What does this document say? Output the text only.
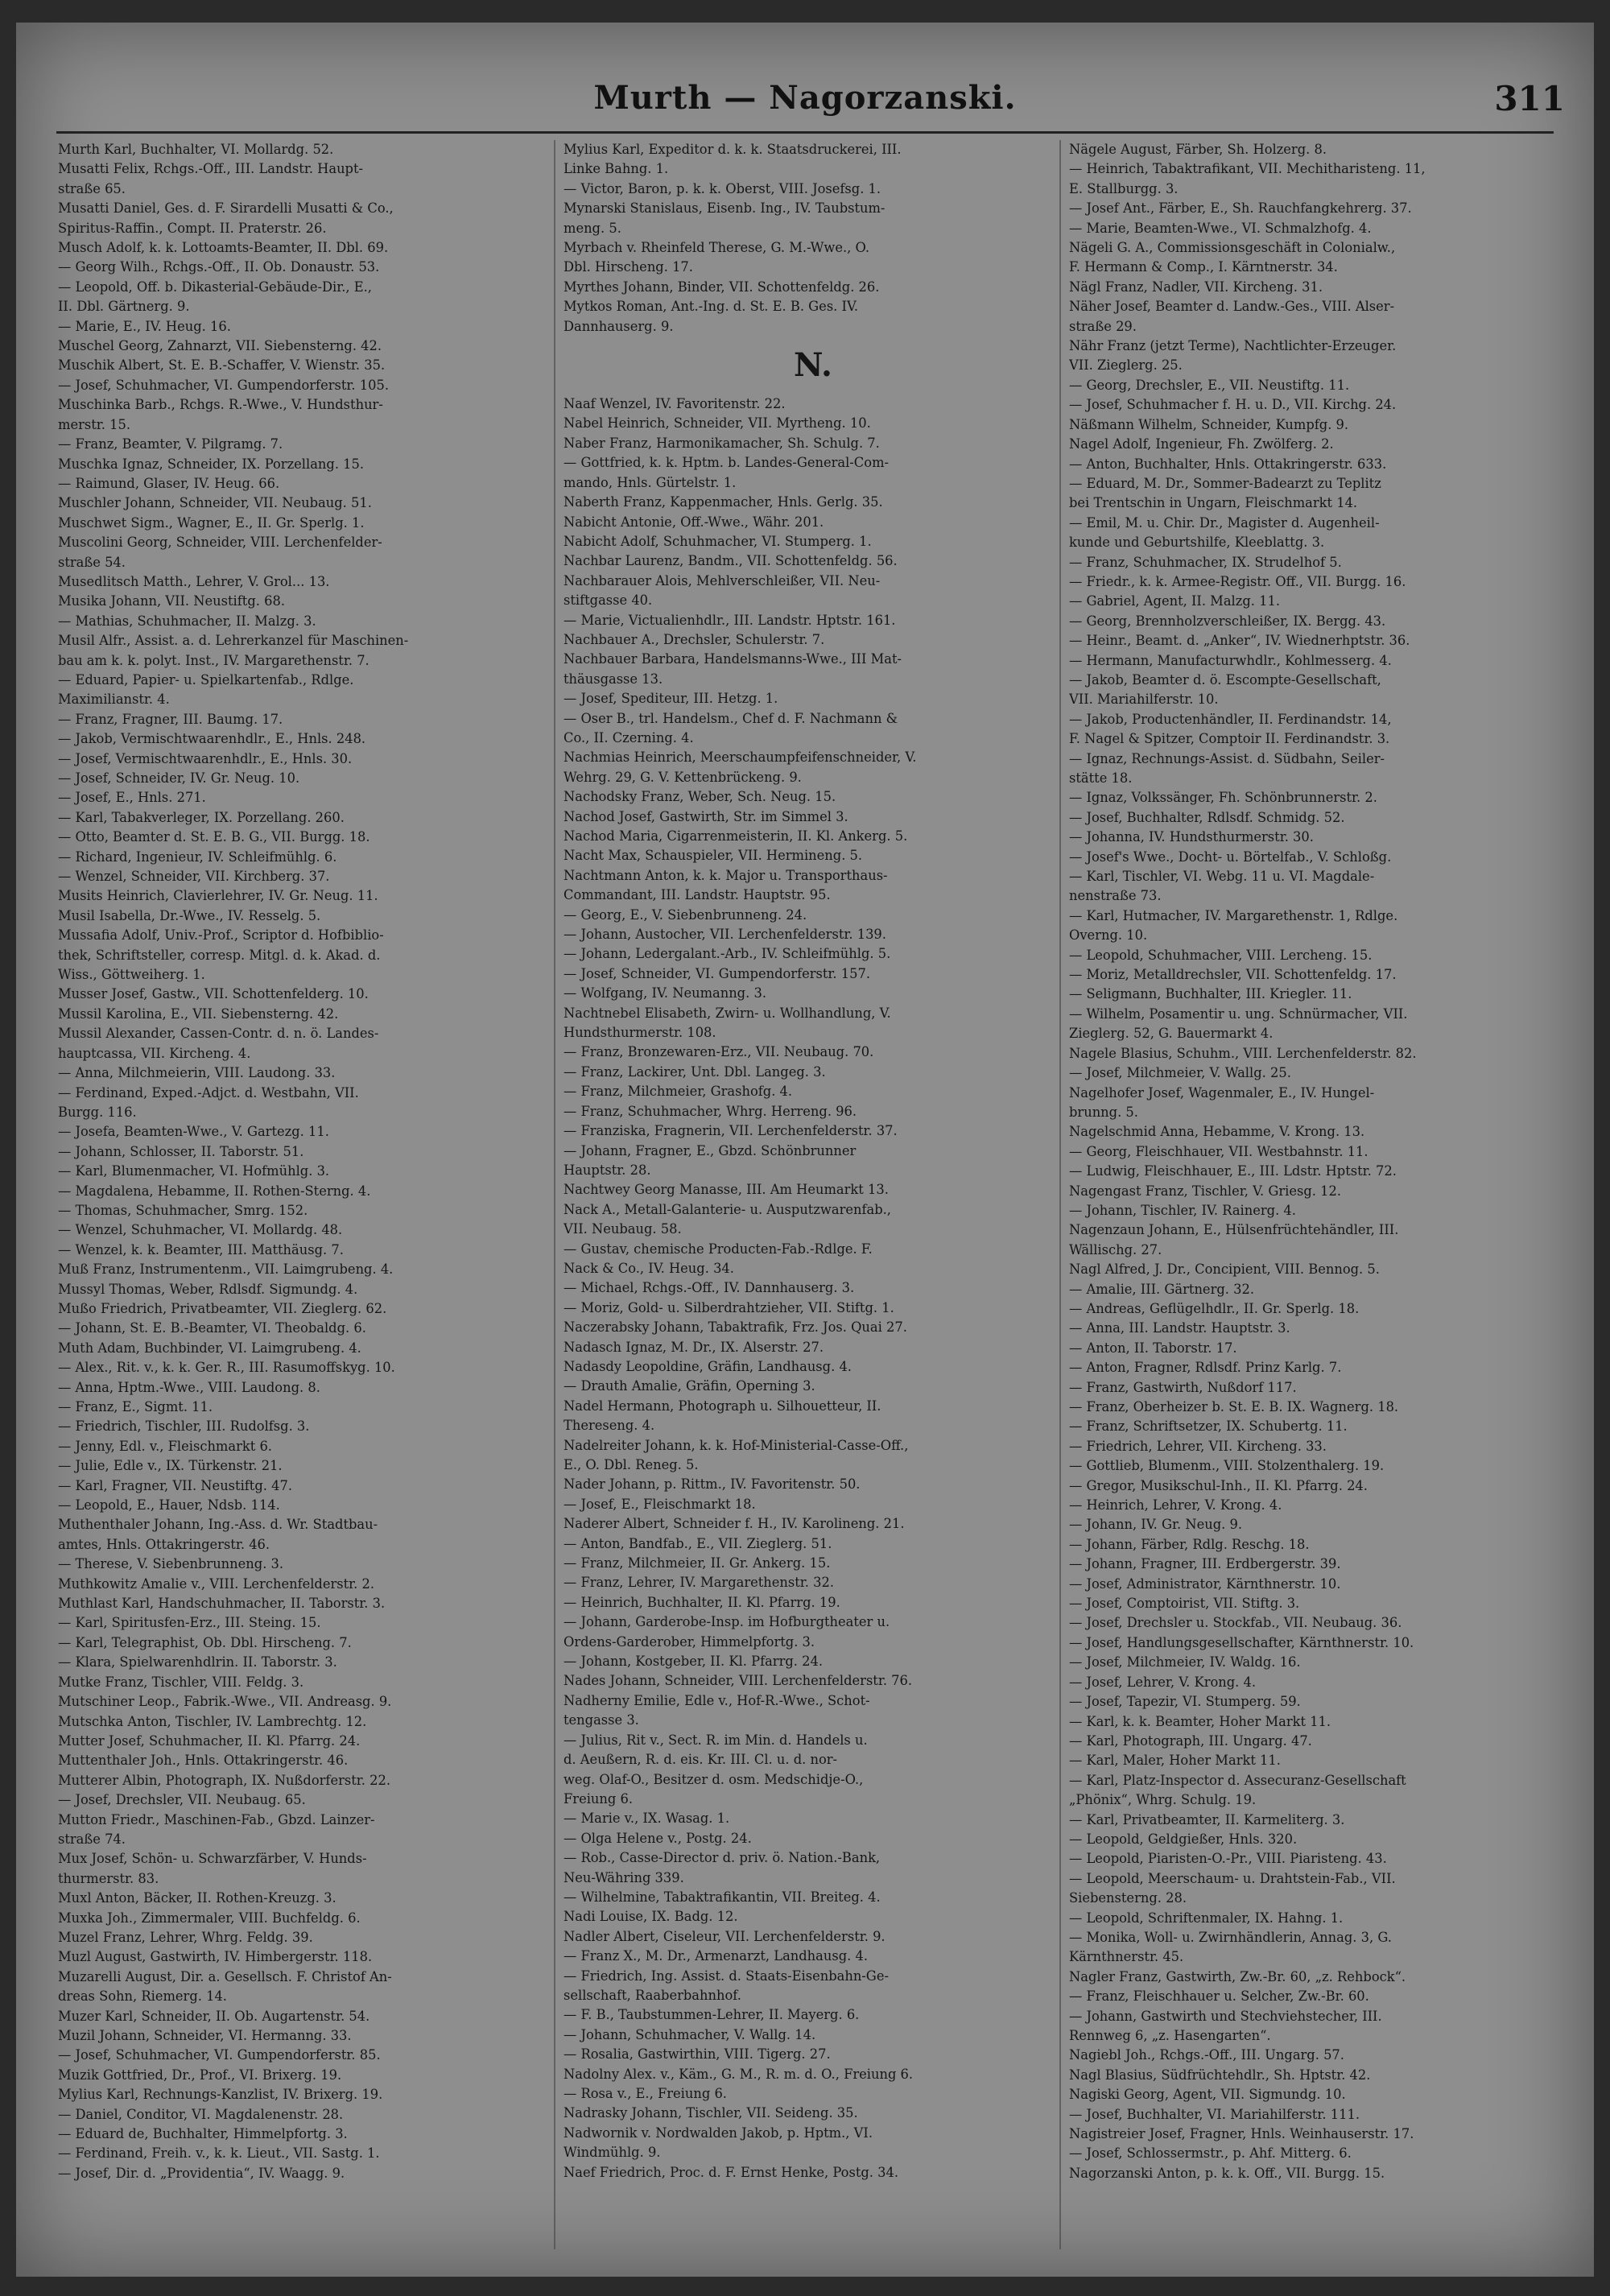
Murth — Nagorzanski.	311
Murth Karl, Buchhalter, VI. Mollardg. 52.
Musatti Felix, Rchgs.-Off., III. Landstr. Haupt-
straße 65.
Musatti Daniel, Ges. d. F. Sirardelli Musatti & Co.,
Spiritus-Raffin., Compt. II. Praterstr. 26.
Musch Adolf, k. k. Lottoamts-Beamter, II. Dbl. 69.
— Georg Wilh., Rchgs.-Off., II. Ob. Donaustr. 53.
— Leopold, Off. b. Dikasterial-Gebäude-Dir., E.,
II. Dbl. Gärtnerg. 9.
— Marie, E., IV. Heug. 16.
Muschel Georg, Zahnarzt, VII. Siebensterng. 42.
Muschik Albert, St. E. B.-Schaffer, V. Wienstr. 35.
— Josef, Schuhmacher, VI. Gumpendorferstr. 105.
Muschinka Barb., Rchgs. R.-Wwe., V. Hundsthur-
merstr. 15.
— Franz, Beamter, V. Pilgramg. 7.
Muschka Ignaz, Schneider, IX. Porzellang. 15.
— Raimund, Glaser, IV. Heug. 66.
Muschler Johann, Schneider, VII. Neubaug. 51.
Muschwet Sigm., Wagner, E., II. Gr. Sperlg. 1.
Muscolini Georg, Schneider, VIII. Lerchenfelder-
straße 54.
Musedlitsch Matth., Lehrer, V. Grol... 13.
Musika Johann, VII. Neustiftg. 68.
— Mathias, Schuhmacher, II. Malzg. 3.
Musil Alfr., Assist. a. d. Lehrerkanzel für Maschinen-
bau am k. k. polyt. Inst., IV. Margarethenstr. 7.
— Eduard, Papier- u. Spielkartenfab., Rdlge.
Maximilianstr. 4.
— Franz, Fragner, III. Baumg. 17.
— Jakob, Vermischtwaarenhdlr., E., Hnls. 248.
— Josef, Vermischtwaarenhdlr., E., Hnls. 30.
— Josef, Schneider, IV. Gr. Neug. 10.
— Josef, E., Hnls. 271.
— Karl, Tabakverleger, IX. Porzellang. 260.
— Otto, Beamter d. St. E. B. G., VII. Burgg. 18.
— Richard, Ingenieur, IV. Schleifmühlg. 6.
— Wenzel, Schneider, VII. Kirchberg. 37.
Musits Heinrich, Clavierlehrer, IV. Gr. Neug. 11.
Musil Isabella, Dr.-Wwe., IV. Resselg. 5.
Mussafia Adolf, Univ.-Prof., Scriptor d. Hofbiblio-
thek, Schriftsteller, corresp. Mitgl. d. k. Akad. d.
Wiss., Göttweiherg. 1.
Musser Josef, Gastw., VII. Schottenfelderg. 10.
Mussil Karolina, E., VII. Siebensterng. 42.
Mussil Alexander, Cassen-Contr. d. n. ö. Landes-
hauptcassa, VII. Kircheng. 4.
— Anna, Milchmeierin, VIII. Laudong. 33.
— Ferdinand, Exped.-Adjct. d. Westbahn, VII.
Burgg. 116.
— Josefa, Beamten-Wwe., V. Gartezg. 11.
— Johann, Schlosser, II. Taborstr. 51.
— Karl, Blumenmacher, VI. Hofmühlg. 3.
— Magdalena, Hebamme, II. Rothen-Sterng. 4.
— Thomas, Schuhmacher, Smrg. 152.
— Wenzel, Schuhmacher, VI. Mollardg. 48.
— Wenzel, k. k. Beamter, III. Matthäusg. 7.
Muß Franz, Instrumentenm., VII. Laimgrubeng. 4.
Mussyl Thomas, Weber, Rdlsdf. Sigmundg. 4.
Mußo Friedrich, Privatbeamter, VII. Zieglerg. 62.
— Johann, St. E. B.-Beamter, VI. Theobaldg. 6.
Muth Adam, Buchbinder, VI. Laimgrubeng. 4.
— Alex., Rit. v., k. k. Ger. R., III. Rasumoffskyg. 10.
— Anna, Hptm.-Wwe., VIII. Laudong. 8.
— Franz, E., Sigmt. 11.
— Friedrich, Tischler, III. Rudolfsg. 3.
— Jenny, Edl. v., Fleischmarkt 6.
— Julie, Edle v., IX. Türkenstr. 21.
— Karl, Fragner, VII. Neustiftg. 47.
— Leopold, E., Hauer, Ndsb. 114.
Muthenthaler Johann, Ing.-Ass. d. Wr. Stadtbau-
amtes, Hnls. Ottakringerstr. 46.
— Therese, V. Siebenbrunneng. 3.
Muthkowitz Amalie v., VIII. Lerchenfelderstr. 2.
Muthlast Karl, Handschuhmacher, II. Taborstr. 3.
— Karl, Spiritusfen-Erz., III. Steing. 15.
— Karl, Telegraphist, Ob. Dbl. Hirscheng. 7.
— Klara, Spielwarenhdlrin. II. Taborstr. 3.
Mutke Franz, Tischler, VIII. Feldg. 3.
Mutschiner Leop., Fabrik.-Wwe., VII. Andreasg. 9.
Mutschka Anton, Tischler, IV. Lambrechtg. 12.
Mutter Josef, Schuhmacher, II. Kl. Pfarrg. 24.
Muttenthaler Joh., Hnls. Ottakringerstr. 46.
Mutterer Albin, Photograph, IX. Nußdorferstr. 22.
— Josef, Drechsler, VII. Neubaug. 65.
Mutton Friedr., Maschinen-Fab., Gbzd. Lainzer-
straße 74.
Mux Josef, Schön- u. Schwarzfärber, V. Hunds-
thurmerstr. 83.
Muxl Anton, Bäcker, II. Rothen-Kreuzg. 3.
Muxka Joh., Zimmermaler, VIII. Buchfeldg. 6.
Muzel Franz, Lehrer, Whrg. Feldg. 39.
Muzl August, Gastwirth, IV. Himbergerstr. 118.
Muzarelli August, Dir. a. Gesellsch. F. Christof An-
dreas Sohn, Riemerg. 14.
Muzer Karl, Schneider, II. Ob. Augartenstr. 54.
Muzil Johann, Schneider, VI. Hermanng. 33.
— Josef, Schuhmacher, VI. Gumpendorferstr. 85.
Muzik Gottfried, Dr., Prof., VI. Brixerg. 19.
Mylius Karl, Rechnungs-Kanzlist, IV. Brixerg. 19.
— Daniel, Conditor, VI. Magdalenenstr. 28.
— Eduard de, Buchhalter, Himmelpfortg. 3.
— Ferdinand, Freih. v., k. k. Lieut., VII. Sastg. 1.
— Josef, Dir. d. „Providentia“, IV. Waagg. 9.
Mylius Karl, Expeditor d. k. k. Staatsdruckerei, III.
Linke Bahng. 1.
— Victor, Baron, p. k. k. Oberst, VIII. Josefsg. 1.
Mynarski Stanislaus, Eisenb. Ing., IV. Taubstum-
meng. 5.
Myrbach v. Rheinfeld Therese, G. M.-Wwe., O.
Dbl. Hirscheng. 17.
Myrthes Johann, Binder, VII. Schottenfeldg. 26.
Mytkos Roman, Ant.-Ing. d. St. E. B. Ges. IV.
Dannhauserg. 9.
N.
Naaf Wenzel, IV. Favoritenstr. 22.
Nabel Heinrich, Schneider, VII. Myrtheng. 10.
Naber Franz, Harmonikamacher, Sh. Schulg. 7.
— Gottfried, k. k. Hptm. b. Landes-General-Com-
mando, Hnls. Gürtelstr. 1.
Naberth Franz, Kappenmacher, Hnls. Gerlg. 35.
Nabicht Antonie, Off.-Wwe., Währ. 201.
Nabicht Adolf, Schuhmacher, VI. Stumperg. 1.
Nachbar Laurenz, Bandm., VII. Schottenfeldg. 56.
Nachbarauer Alois, Mehlverschleißer, VII. Neu-
stiftgasse 40.
— Marie, Victualienhdlr., III. Landstr. Hptstr. 161.
Nachbauer A., Drechsler, Schulerstr. 7.
Nachbauer Barbara, Handelsmanns-Wwe., III Mat-
thäusgasse 13.
— Josef, Spediteur, III. Hetzg. 1.
— Oser B., trl. Handelsm., Chef d. F. Nachmann &
Co., II. Czerning. 4.
Nachmias Heinrich, Meerschaumpfeifenschneider, V.
Wehrg. 29, G. V. Kettenbrückeng. 9.
Nachodsky Franz, Weber, Sch. Neug. 15.
Nachod Josef, Gastwirth, Str. im Simmel 3.
Nachod Maria, Cigarrenmeisterin, II. Kl. Ankerg. 5.
Nacht Max, Schauspieler, VII. Hermineng. 5.
Nachtmann Anton, k. k. Major u. Transporthaus-
Commandant, III. Landstr. Hauptstr. 95.
— Georg, E., V. Siebenbrunneng. 24.
— Johann, Austocher, VII. Lerchenfelderstr. 139.
— Johann, Ledergalant.-Arb., IV. Schleifmühlg. 5.
— Josef, Schneider, VI. Gumpendorferstr. 157.
— Wolfgang, IV. Neumanng. 3.
Nachtnebel Elisabeth, Zwirn- u. Wollhandlung, V.
Hundsthurmerstr. 108.
— Franz, Bronzewaren-Erz., VII. Neubaug. 70.
— Franz, Lackirer, Unt. Dbl. Langeg. 3.
— Franz, Milchmeier, Grashofg. 4.
— Franz, Schuhmacher, Whrg. Herreng. 96.
— Franziska, Fragnerin, VII. Lerchenfelderstr. 37.
— Johann, Fragner, E., Gbzd. Schönbrunner
Hauptstr. 28.
Nachtwey Georg Manasse, III. Am Heumarkt 13.
Nack A., Metall-Galanterie- u. Ausputzwarenfab.,
VII. Neubaug. 58.
— Gustav, chemische Producten-Fab.-Rdlge. F.
Nack & Co., IV. Heug. 34.
— Michael, Rchgs.-Off., IV. Dannhauserg. 3.
— Moriz, Gold- u. Silberdrahtzieher, VII. Stiftg. 1.
Naczerabsky Johann, Tabaktrafik, Frz. Jos. Quai 27.
Nadasch Ignaz, M. Dr., IX. Alserstr. 27.
Nadasdy Leopoldine, Gräfin, Landhausg. 4.
— Drauth Amalie, Gräfin, Operning 3.
Nadel Hermann, Photograph u. Silhouetteur, II.
Thereseng. 4.
Nadelreiter Johann, k. k. Hof-Ministerial-Casse-Off.,
E., O. Dbl. Reneg. 5.
Nader Johann, p. Rittm., IV. Favoritenstr. 50.
— Josef, E., Fleischmarkt 18.
Naderer Albert, Schneider f. H., IV. Karolineng. 21.
— Anton, Bandfab., E., VII. Zieglerg. 51.
— Franz, Milchmeier, II. Gr. Ankerg. 15.
— Franz, Lehrer, IV. Margarethenstr. 32.
— Heinrich, Buchhalter, II. Kl. Pfarrg. 19.
— Johann, Garderobe-Insp. im Hofburgtheater u.
Ordens-Garderober, Himmelpfortg. 3.
— Johann, Kostgeber, II. Kl. Pfarrg. 24.
Nades Johann, Schneider, VIII. Lerchenfelderstr. 76.
Nadherny Emilie, Edle v., Hof-R.-Wwe., Schot-
tengasse 3.
— Julius, Rit v., Sect. R. im Min. d. Handels u.
d. Aeußern, R. d. eis. Kr. III. Cl. u. d. nor-
weg. Olaf-O., Besitzer d. osm. Medschidje-O.,
Freiung 6.
— Marie v., IX. Wasag. 1.
— Olga Helene v., Postg. 24.
— Rob., Casse-Director d. priv. ö. Nation.-Bank,
Neu-Währing 339.
— Wilhelmine, Tabaktrafikantin, VII. Breiteg. 4.
Nadi Louise, IX. Badg. 12.
Nadler Albert, Ciseleur, VII. Lerchenfelderstr. 9.
— Franz X., M. Dr., Armenarzt, Landhausg. 4.
— Friedrich, Ing. Assist. d. Staats-Eisenbahn-Ge-
sellschaft, Raaberbahnhof.
— F. B., Taubstummen-Lehrer, II. Mayerg. 6.
— Johann, Schuhmacher, V. Wallg. 14.
— Rosalia, Gastwirthin, VIII. Tigerg. 27.
Nadolny Alex. v., Käm., G. M., R. m. d. O., Freiung 6.
— Rosa v., E., Freiung 6.
Nadrasky Johann, Tischler, VII. Seideng. 35.
Nadwornik v. Nordwalden Jakob, p. Hptm., VI.
Windmühlg. 9.
Naef Friedrich, Proc. d. F. Ernst Henke, Postg. 34.
Nägele August, Färber, Sh. Holzerg. 8.
— Heinrich, Tabaktrafikant, VII. Mechitharisteng. 11,
E. Stallburgg. 3.
— Josef Ant., Färber, E., Sh. Rauchfangkehrerg. 37.
— Marie, Beamten-Wwe., VI. Schmalzhofg. 4.
Nägeli G. A., Commissionsgeschäft in Colonialw.,
F. Hermann & Comp., I. Kärntnerstr. 34.
Nägl Franz, Nadler, VII. Kircheng. 31.
Näher Josef, Beamter d. Landw.-Ges., VIII. Alser-
straße 29.
Nähr Franz (jetzt Terme), Nachtlichter-Erzeuger.
VII. Zieglerg. 25.
— Georg, Drechsler, E., VII. Neustiftg. 11.
— Josef, Schuhmacher f. H. u. D., VII. Kirchg. 24.
Näßmann Wilhelm, Schneider, Kumpfg. 9.
Nagel Adolf, Ingenieur, Fh. Zwölferg. 2.
— Anton, Buchhalter, Hnls. Ottakringerstr. 633.
— Eduard, M. Dr., Sommer-Badearzt zu Teplitz
bei Trentschin in Ungarn, Fleischmarkt 14.
— Emil, M. u. Chir. Dr., Magister d. Augenheil-
kunde und Geburtshilfe, Kleeblattg. 3.
— Franz, Schuhmacher, IX. Strudelhof 5.
— Friedr., k. k. Armee-Registr. Off., VII. Burgg. 16.
— Gabriel, Agent, II. Malzg. 11.
— Georg, Brennholzverschleißer, IX. Bergg. 43.
— Heinr., Beamt. d. „Anker“, IV. Wiednerhptstr. 36.
— Hermann, Manufacturwhdlr., Kohlmesserg. 4.
— Jakob, Beamter d. ö. Escompte-Gesellschaft,
VII. Mariahilferstr. 10.
— Jakob, Productenhändler, II. Ferdinandstr. 14,
F. Nagel & Spitzer, Comptoir II. Ferdinandstr. 3.
— Ignaz, Rechnungs-Assist. d. Südbahn, Seiler-
stätte 18.
— Ignaz, Volkssänger, Fh. Schönbrunnerstr. 2.
— Josef, Buchhalter, Rdlsdf. Schmidg. 52.
— Johanna, IV. Hundsthurmerstr. 30.
— Josef's Wwe., Docht- u. Börtelfab., V. Schloßg.
— Karl, Tischler, VI. Webg. 11 u. VI. Magdale-
nenstraße 73.
— Karl, Hutmacher, IV. Margarethenstr. 1, Rdlge.
Overng. 10.
— Leopold, Schuhmacher, VIII. Lercheng. 15.
— Moriz, Metalldrechsler, VII. Schottenfeldg. 17.
— Seligmann, Buchhalter, III. Kriegler. 11.
— Wilhelm, Posamentir u. ung. Schnürmacher, VII.
Zieglerg. 52, G. Bauermarkt 4.
Nagele Blasius, Schuhm., VIII. Lerchenfelderstr. 82.
— Josef, Milchmeier, V. Wallg. 25.
Nagelhofer Josef, Wagenmaler, E., IV. Hungel-
brunng. 5.
Nagelschmid Anna, Hebamme, V. Krong. 13.
— Georg, Fleischhauer, VII. Westbahnstr. 11.
— Ludwig, Fleischhauer, E., III. Ldstr. Hptstr. 72.
Nagengast Franz, Tischler, V. Griesg. 12.
— Johann, Tischler, IV. Rainerg. 4.
Nagenzaun Johann, E., Hülsenfrüchtehändler, III.
Wällischg. 27.
Nagl Alfred, J. Dr., Concipient, VIII. Bennog. 5.
— Amalie, III. Gärtnerg. 32.
— Andreas, Geflügelhdlr., II. Gr. Sperlg. 18.
— Anna, III. Landstr. Hauptstr. 3.
— Anton, II. Taborstr. 17.
— Anton, Fragner, Rdlsdf. Prinz Karlg. 7.
— Franz, Gastwirth, Nußdorf 117.
— Franz, Oberheizer b. St. E. B. IX. Wagnerg. 18.
— Franz, Schriftsetzer, IX. Schubertg. 11.
— Friedrich, Lehrer, VII. Kircheng. 33.
— Gottlieb, Blumenm., VIII. Stolzenthalerg. 19.
— Gregor, Musikschul-Inh., II. Kl. Pfarrg. 24.
— Heinrich, Lehrer, V. Krong. 4.
— Johann, IV. Gr. Neug. 9.
— Johann, Färber, Rdlg. Reschg. 18.
— Johann, Fragner, III. Erdbergerstr. 39.
— Josef, Administrator, Kärnthnerstr. 10.
— Josef, Comptoirist, VII. Stiftg. 3.
— Josef, Drechsler u. Stockfab., VII. Neubaug. 36.
— Josef, Handlungsgesellschafter, Kärnthnerstr. 10.
— Josef, Milchmeier, IV. Waldg. 16.
— Josef, Lehrer, V. Krong. 4.
— Josef, Tapezir, VI. Stumperg. 59.
— Karl, k. k. Beamter, Hoher Markt 11.
— Karl, Photograph, III. Ungarg. 47.
— Karl, Maler, Hoher Markt 11.
— Karl, Platz-Inspector d. Assecuranz-Gesellschaft
„Phönix“, Whrg. Schulg. 19.
— Karl, Privatbeamter, II. Karmeliterg. 3.
— Leopold, Geldgießer, Hnls. 320.
— Leopold, Piaristen-O.-Pr., VIII. Piaristeng. 43.
— Leopold, Meerschaum- u. Drahtstein-Fab., VII.
Siebensterng. 28.
— Leopold, Schriftenmaler, IX. Hahng. 1.
— Monika, Woll- u. Zwirnhändlerin, Annag. 3, G.
Kärnthnerstr. 45.
Nagler Franz, Gastwirth, Zw.-Br. 60, „z. Rehbock“.
— Franz, Fleischhauer u. Selcher, Zw.-Br. 60.
— Johann, Gastwirth und Stechviehstecher, III.
Rennweg 6, „z. Hasengarten“.
Nagiebl Joh., Rchgs.-Off., III. Ungarg. 57.
Nagl Blasius, Südfrüchtehdlr., Sh. Hptstr. 42.
Nagiski Georg, Agent, VII. Sigmundg. 10.
— Josef, Buchhalter, VI. Mariahilferstr. 111.
Nagistreier Josef, Fragner, Hnls. Weinhauserstr. 17.
— Josef, Schlossermstr., p. Ahf. Mitterg. 6.
Nagorzanski Anton, p. k. k. Off., VII. Burgg. 15.
